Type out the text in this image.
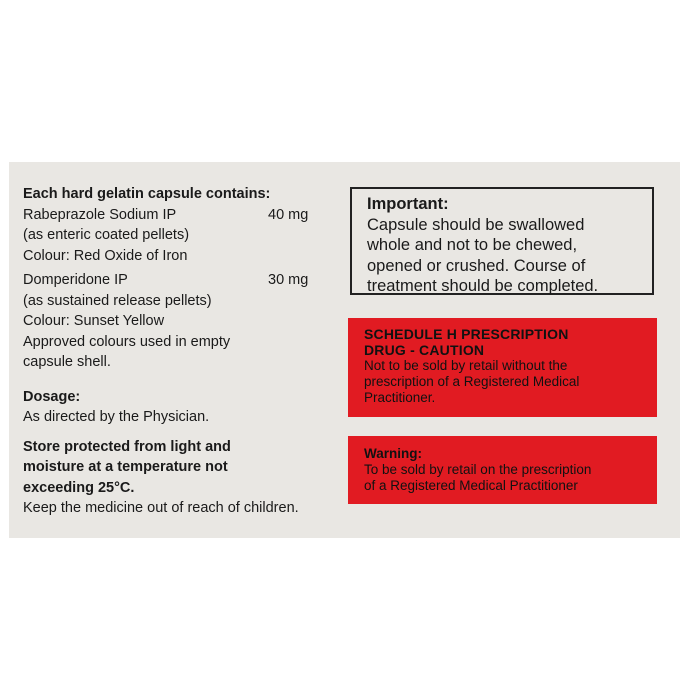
Each hard gelatin capsule contains:
Rabeprazole Sodium IP	40 mg
(as enteric coated pellets)
Colour: Red Oxide of Iron
Domperidone IP	30 mg
(as sustained release pellets)
Colour: Sunset Yellow
Approved colours used in empty
capsule shell.
Dosage:
As directed by the Physician.
Store protected from light and
moisture at a temperature not
exceeding 25°C.
Keep the medicine out of reach of children.
Important:
Capsule should be swallowed
whole and not to be chewed,
opened or crushed. Course of
treatment should be completed.
SCHEDULE H PRESCRIPTION
DRUG - CAUTION
Not to be sold by retail without the
prescription of a Registered Medical
Practitioner.
Warning:
To be sold by retail on the prescription
of a Registered Medical Practitioner
